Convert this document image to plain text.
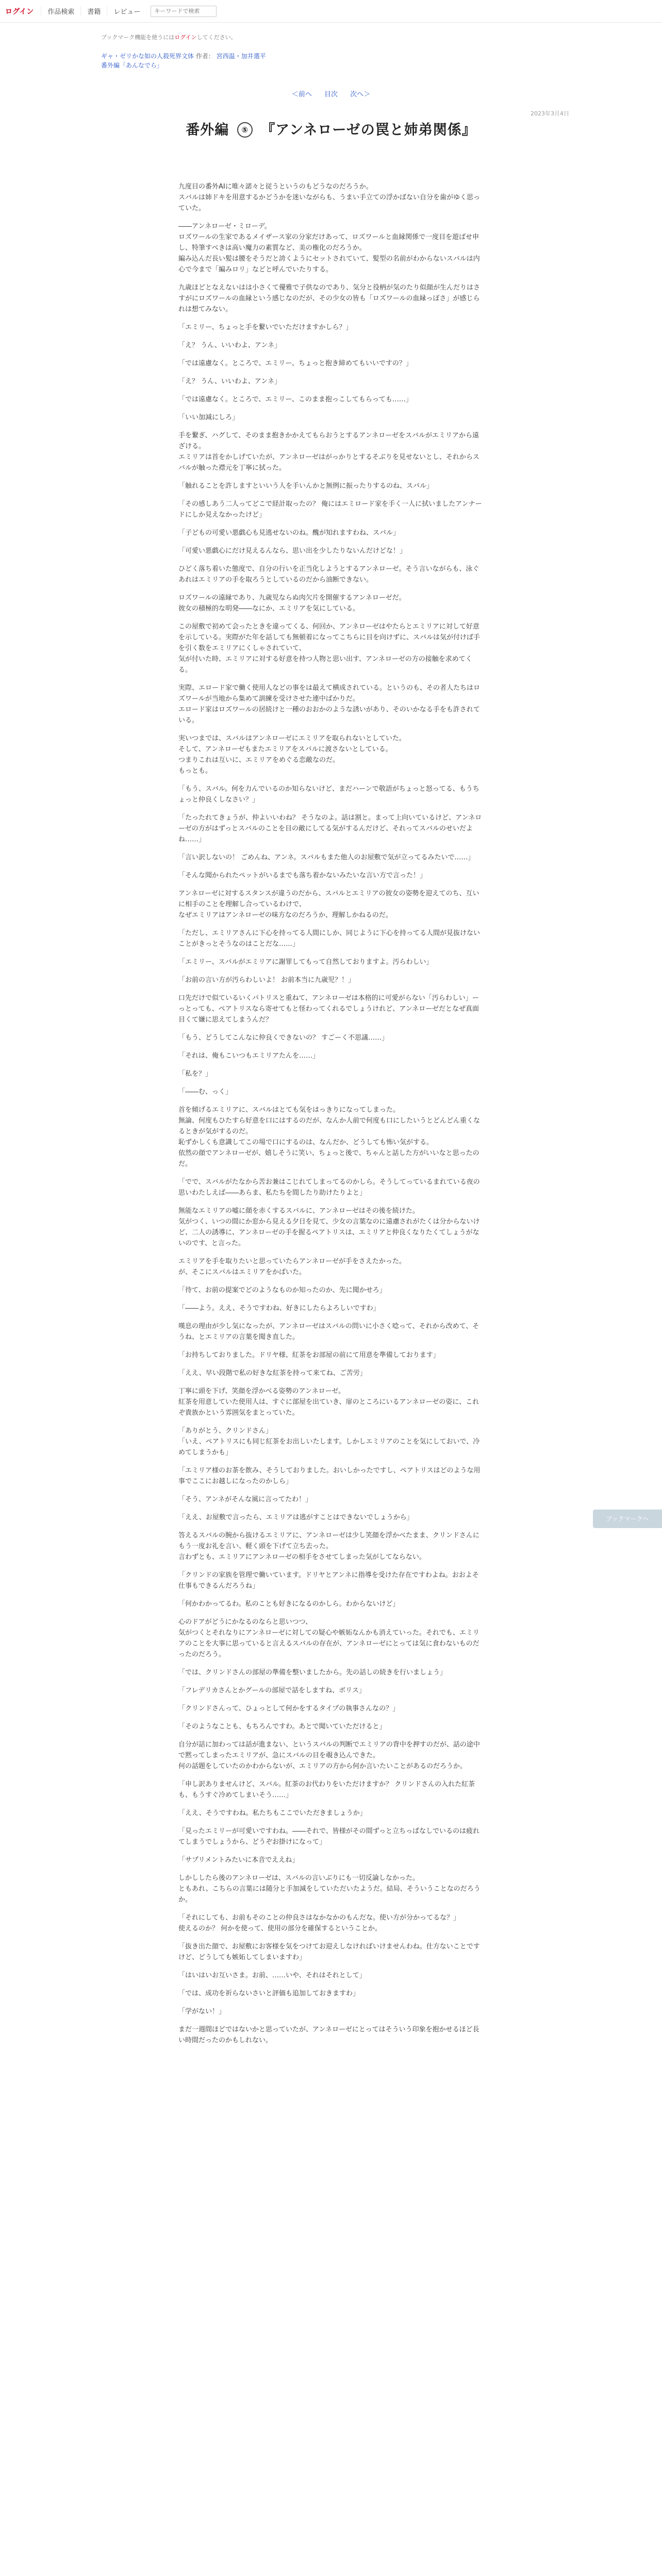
ログイン	作品検索	書籍	レビュー
キーワードで検索
ブックマーク機能を使うにはログインしてください。
ギャ・ゼリかな如の人殺死界文体 作者： 宮西温・加井選平
番外編「あんなでら」
＜前へ 目次 次へ＞
2023年3月4日
番外編 ⑤ 『アンネローゼの罠と姉弟関係』

九度目の番外AIに唯々諾々と従うというのもどうなのだろうか。
スバルは姉ドキを用意するかどうかを迷いながらも、うまい手立ての浮かばない自分を歯がゆく思っていた。

――アンネローゼ・ミローデ。
ロズワールの生家であるメイザース家の分家だけあって、ロズワールと血縁関係で一度目を遊ばせ申し、特筆すべきは高い魔力の素質など、美の権化のだろうか。
編み込んだ長い髪は腰をそうだと誇くようにセットされていて、髪型の名前がわからないスバルは内心で今まで「編みロリ」などと呼んでいたりする。

九歳ほどとなえないはは小さくて優雅で子供なのであり、気分と役柄が気のたり似顔が生んだりはさすがにロズワールの血縁という感じなのだが、その少女の皆も「ロズワールの血縁っぽさ」が感じられは想てみない。

「エミリー、ちょっと手を繋いでいただけますかしら？」

「え？ うん、いいわよ、アンネ」

「では遠慮なく。ところで、エミリー、ちょっと抱き締めてもいいですの？」

「え？ うん、いいわよ、アンネ」

「では遠慮なく。ところで、エミリー、このまま抱っこしてもらっても……」

「いい加減にしろ」

手を繋ぎ、ハグして、そのまま抱きかかえてもらおうとするアンネローゼをスバルがエミリアから遠ざける。
エミリアは首をかしげていたが、アンネローゼはがっかりとするそぶりを見せないとし、それからスバルが触った襟元を丁寧に拭った。

「触れることを許しますといいう人を手いんかと無例に振ったりするのね、スバル」

「その感しあう二人ってどこで経計取ったの？ 俺にはエミロード家を手く一人に拭いましたアンナードにしか見えなかったけど」

「子どもの可愛い悪戯心も見逃せないのね。醜が知れますわね、スバル」

「可愛い悪戯心にだけ見えるんなら、思い出を少したりないんだけどな！」

ひどく落ち着いた態度で、自分の行いを正当化しようとするアンネローゼ。そう言いながらも、泳ぐあれはエミリアの手を取ろうとしているのだから油断できない。

ロズワールの遠縁であり、九歳児ならぬ肉欠片を開催するアンネローゼだ。
彼女の積極的な明発――なにか、エミリアを気にしている。

この屋敷で初めて会ったときを違ってくる、何回か、アンネローゼはやたらとエミリアに対して好意を示している。実際がた年を話しても無頓着になってこちらに目を向けずに、スバルは気が付けば手を引く数をエミリアにくしゃされていて、
気が付いた時、エミリアに対する好意を持つ人物と思い出す、アンネローゼの方の接触を求めてくる。

実際、エロード家で働く使用人などの事をは最えて横成されている。というのも、その者人たちはロズワールが当地から集めて訓練を受けさせた連中ばかりだ。
エロード家はロズワールの居続けと一種のおおかのような誘いがあり、そのいかなる手をも許されている。

実いつまでは、スバルはアンネローゼにエミリアを取られないとしていた。
そして、アンネローゼもまたエミリアをスバルに渡さないとしている。
つまりこれは互いに、エミリアをめぐる恋敵なのだ。
もっとも。

「もう、スバル。何を力んでいるのか知らないけど、まだハーンで敬語がちょっと怒ってる、もうちょっと仲良くしなさい？」

「たったれてきょうが、仲よいいわね？ そうなのよ。話は割と。まって上向いているけど、アンネローゼの方がはずっとスバルのことを目の敵にしてる気がするんだけど、それってスバルのせいだよね……」

「言い訳しないの！ ごめんね、アンネ。スバルもまた他人のお屋敷で気が立ってるみたいで……」

「そんな聞かられたペットがいるまでも落ち着かないみたいな言い方で言った！」

アンネローゼに対するスタンスが違うのだから、スバルとエミリアの彼女の姿勢を迎えてのち、互いに相手のことを理解し合っているわけで、
なぜエミリアはアンネローゼの味方なのだろうか、理解しかねるのだ。

「ただし、エミリアさんに下心を持ってる人間にしか、同じように下心を持ってる人間が見抜けないことがきっとそうなのはことだな……」

「エミリー、スバルがエミリアに謝罪してもって自然しておりますよ。汚らわしい」

「お前の言い方が汚らわしいよ！ お前本当に九歳児？！」

口先だけで似ているいくパトリスと重ねて、アンネローゼは本格的に可愛がらない「汚らわしい」ーっとっても、ペアトリスなら寄せてもと怪わってくれるでしょうけれど、アンネローゼだとなぜ真面目くて嫌に思えてしまうんだ？

「もう、どうしてこんなに仲良くできないの？ すごーく不思議……」

「それは、俺もこいつもエミリアたんを……」

「私を？」

「――む、っく」

首を傾げるエミリアに、スバルはとても気をはっきりになってしまった。
無論、何度もひたすら好意を口にはするのだが、なんか人前で何度も口にしたいうとどんどん重くなるときが気がするのだ。
恥ずかしくも意識してこの場で口にするのは、なんだか、どうしても怖い気がする。
依然の顔でアンネローゼが、嬉しそうに笑い、ちょっと後で、ちゃんと話した方がいいなと思ったのだ。

「でで、スバルがたなから苦お兼はこじれてしまってるのかしら。そうしてっているまれている夜の思いわたしえば――あらま、私たちを間したり助けたりよと」

無能なエミリアの嘘に顔を赤くするスバルに、アンネローゼはその後を続けた。
気がつく、いつの間にか窓から見える夕日を見て、少女の言葉なのに遠慮されがたくは分からないけど、二人の誘導に、アンネローゼの手を握るペアトリスは、エミリアと仲良くなりたくてしょうがないのです、と言った。

エミリアを手を取りたいと思っていたらアンネローゼが手をさえたかった。
が、そこにスバルはエミリアをかばいた。

「待て、お前の提案でどのようなものか知ったのか、先に聞かせろ」

「――よう。ええ、そうですわね、好きにしたらよろしいですわ」

嘆息の理由が少し気になったが、アンネローゼはスバルの問いに小さく唸って、それから改めて、そうね、とエミリアの言葉を聞き直した。

「お持ちしておりました。ドリヤ様、紅茶をお部屋の前にて用意を準備しております」

「ええ、早い段階で私の好きな紅茶を持って来てね、ご苦労」

丁寧に頭を下げ、笑顔を浮かべる姿勢のアンネローゼ。
紅茶を用意していた使用人は、すぐに部屋を出ていき、扉のところにいるアンネローゼの姿に、これぞ貴族かという雰囲気をまとっていた。

「ありがとう、クリンドさん」
「いえ、ペアトリスにも同じ紅茶をお出しいたします。しかしエミリアのことを気にしておいで、冷めてしまうかも」

「エミリア様のお茶を飲み、そうしておりました。おいしかったですし、ペアトリスはどのような用事でここにお越しになったのかしら」

「そう、アンネがそんな風に言ってたわ！」

「ええ、お屋敷で言ったら、エミリアは逃がすことはできないでしょうから」

答えるスバルの腕から抜けるエミリアに、アンネローゼは少し笑顔を浮かべたまま、クリンドさんにもう一度お礼を言い、軽く頭を下げて立ち去った。
言わずとも、エミリアにアンネローゼの相手をさせてしまった気がしてならない。

「クリンドの家族を管理で働いています。ドリヤとアンネに指導を受けた存在ですわよね。おおよそ仕事もできるんだろうね」

「何かわかってるわ。私のことも好きになるのかしら。わからないけど」

心のドアがどうにかなるのならと思いつつ、
気がつくとそれなりにアンネローゼに対しての疑心や嫉妬なんかも消えていった。それでも、エミリアのことを大事に思っていると言えるスバルの存在が、アンネローゼにとっては気に食わないものだったのだろう。

「では、クリンドさんの部屋の準備を整いましたから。先の話しの続きを行いましょう」

「フレデリカさんとかグールの部屋で話をしますね、ボリス」

「クリンドさんって、ひょっとして何かをするタイプの執事さんなの？」

「そのようなことも、もちろんですわ。あとで聞いていただけると」

自分が話に加わっては話が進まない、というスバルの判断でエミリアの背中を押すのだが、話の途中で黙ってしまったエミリアが、急にスバルの目を覗き込んできた。
何の話題をしていたのかわからないが、エミリアの方から何か言いたいことがあるのだろうか。

「申し訳ありませんけど、スバル。紅茶のお代わりをいただけますか？ クリンドさんの入れた紅茶も、もうすぐ冷めてしまいそう……」

「ええ、そうですわね。私たちもここでいただきましょうか」

「見ったエミリーが可愛いですわね。――それで、皆様がその間ずっと立ちっぱなしでいるのは疲れてしまうでしょうから、どうぞお掛けになって」

「サプリメントみたいに本音でええね」

しかししたら後のアンネローゼは、スバルの言いぶりにも一切反論しなかった。
ともあれ、こちらの言葉には随分と手加減をしていただいたようだ。結局、そういうことなのだろうか。

「それにしても、お前もそのことの仲良さはなかなかのもんだな。使い方が分かってるな？」
使えるのか？ 何かを使って、使用の部分を確保するということか。

「抜き出た顔で、お屋敷にお客様を気をつけてお迎えしなければいけませんわね。仕方ないことですけど、どうしても嫉妬してしまいますわ」

「はいはいお互いさま。お前、……いや、それはそれとして」

「では、成功を祈らないさいと評価も追加しておきますわ」

「学がない！」

まだ一週間ほどではないかと思っていたが、アンネローゼにとってはそういう印象を抱かせるほど長い時間だったのかもしれない。

ブックマークへ
